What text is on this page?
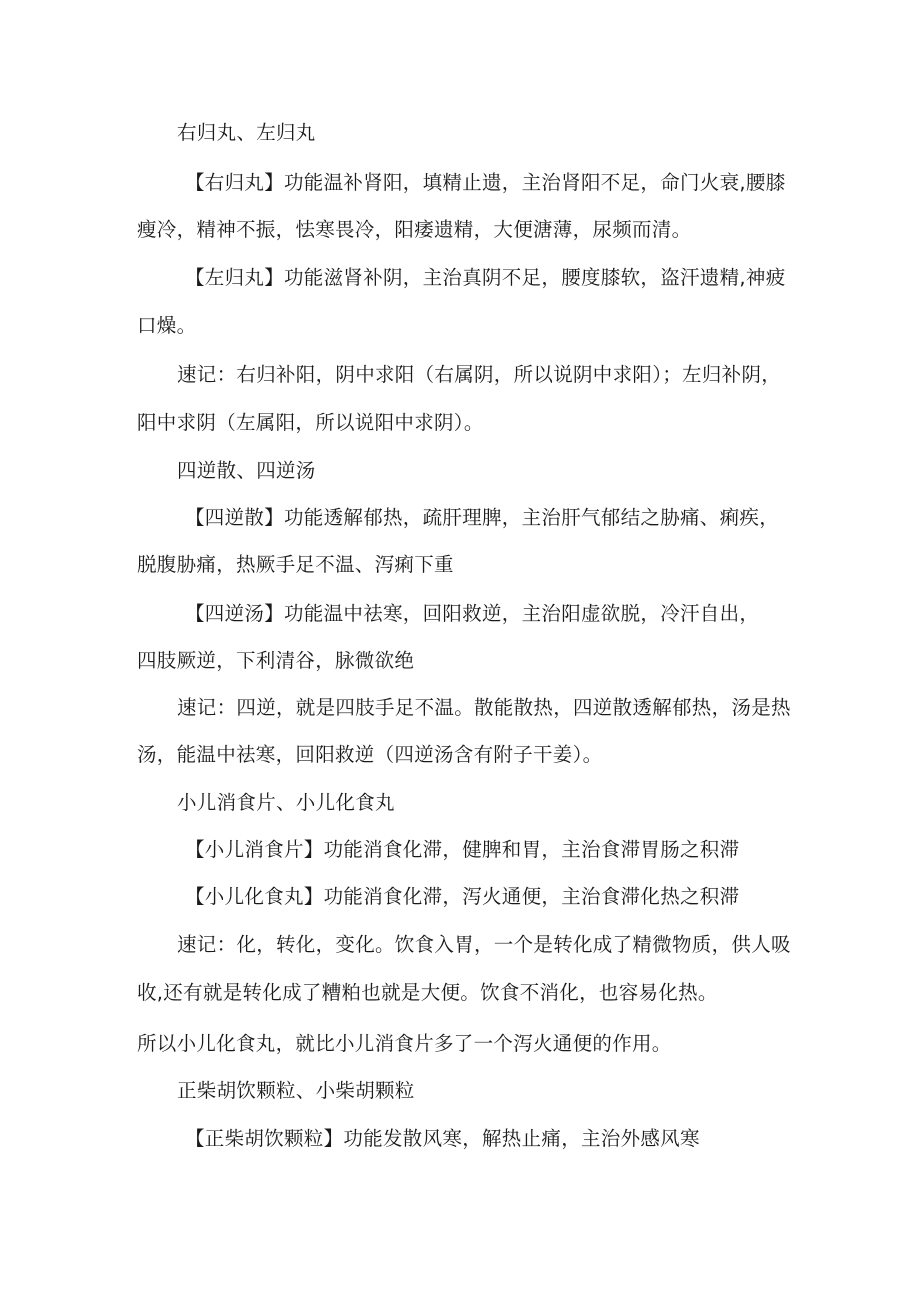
右归丸、左归丸

【右归丸】功能温补肾阳，填精止遗，主治肾阳不足，命门火衰,腰膝

瘦冷，精神不振，怯寒畏冷，阳痿遗精，大便溏薄，尿频而清。

【左归丸】功能滋肾补阴，主治真阴不足，腰度膝软，盗汗遗精,神疲

口燥。

速记：右归补阳，阴中求阳（右属阴，所以说阴中求阳）；左归补阴，

阳中求阴（左属阳，所以说阳中求阴）。

四逆散、四逆汤

【四逆散】功能透解郁热，疏肝理脾，主治肝气郁结之胁痛、痢疾，

脱腹胁痛，热厥手足不温、泻痢下重

【四逆汤】功能温中祛寒，回阳救逆，主治阳虚欲脱，冷汗自出，

四肢厥逆，下利清谷，脉微欲绝

速记：四逆，就是四肢手足不温。散能散热，四逆散透解郁热，汤是热

汤，能温中祛寒，回阳救逆（四逆汤含有附子干姜）。

小儿消食片、小儿化食丸

【小儿消食片】功能消食化滞，健脾和胃，主治食滞胃肠之积滞

【小儿化食丸】功能消食化滞，泻火通便，主治食滞化热之积滞

速记：化，转化，变化。饮食入胃，一个是转化成了精微物质，供人吸

收,还有就是转化成了糟粕也就是大便。饮食不消化，也容易化热。

所以小儿化食丸，就比小儿消食片多了一个泻火通便的作用。

正柴胡饮颗粒、小柴胡颗粒

【正柴胡饮颗粒】功能发散风寒，解热止痛，主治外感风寒
